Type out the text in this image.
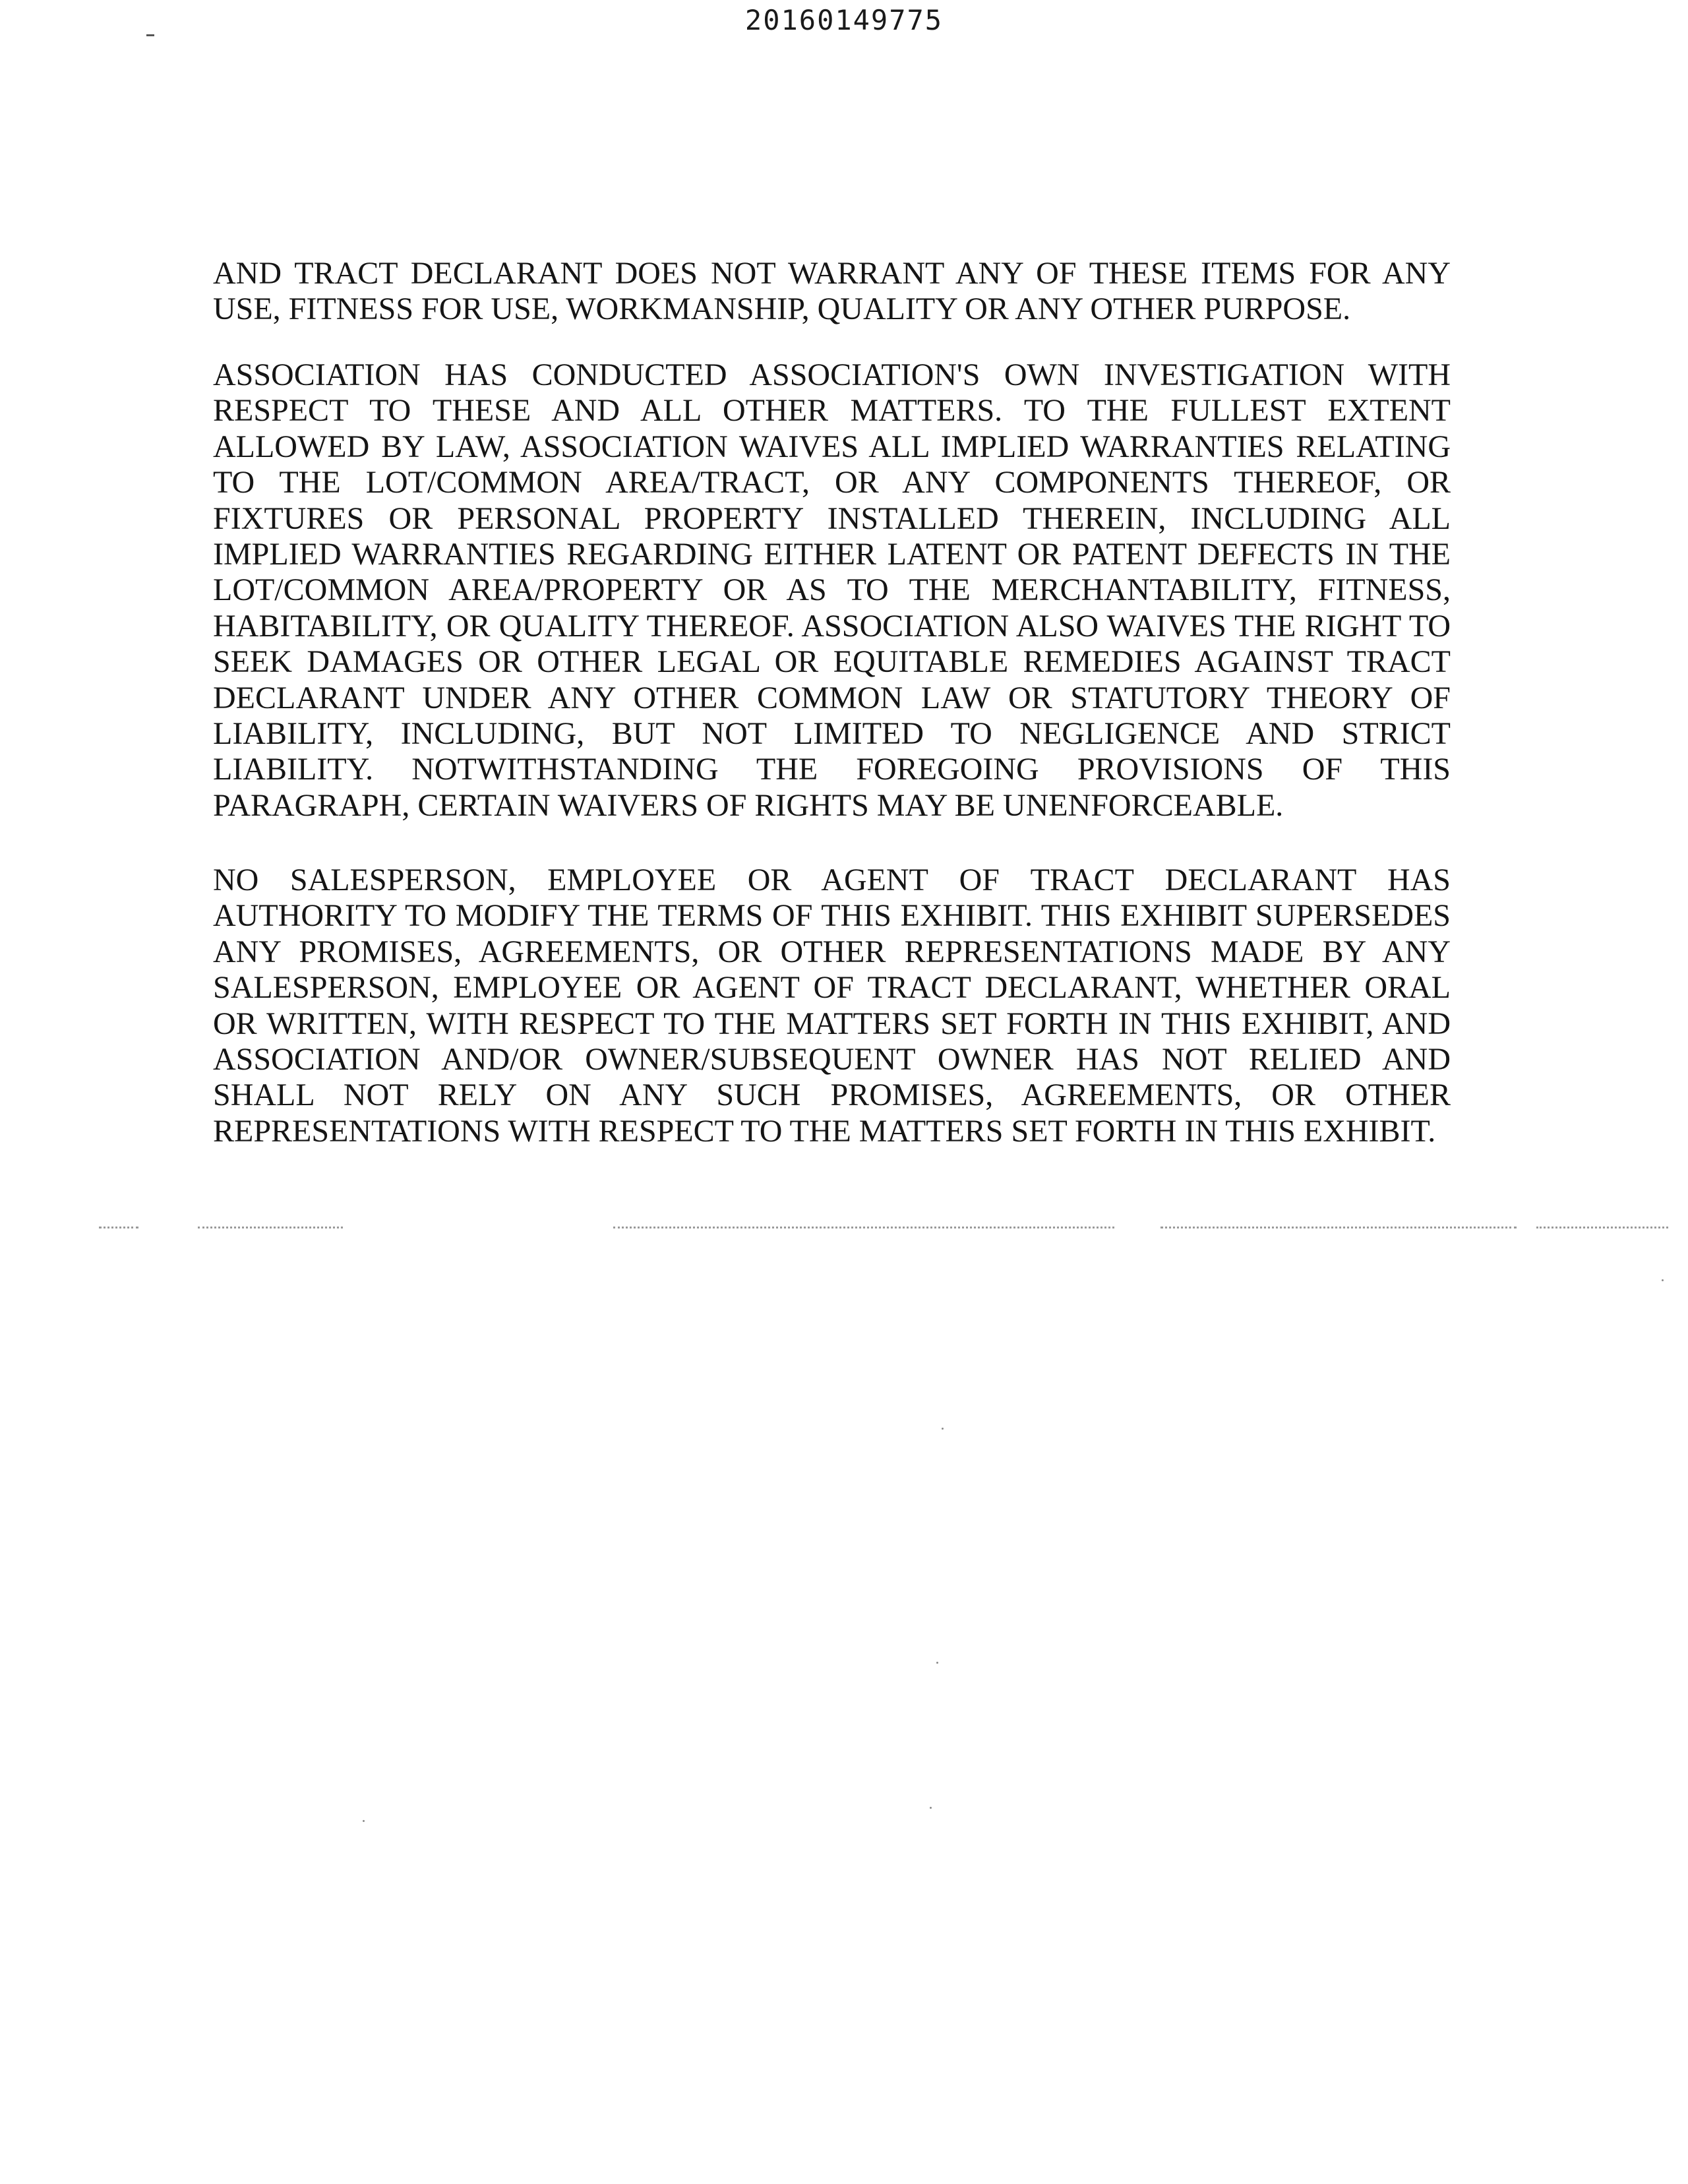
20160149775

AND TRACT DECLARANT DOES NOT WARRANT ANY OF THESE ITEMS FOR ANY USE, FITNESS FOR USE, WORKMANSHIP, QUALITY OR ANY OTHER PURPOSE.

ASSOCIATION HAS CONDUCTED ASSOCIATION'S OWN INVESTIGATION WITH RESPECT TO THESE AND ALL OTHER MATTERS. TO THE FULLEST EXTENT ALLOWED BY LAW, ASSOCIATION WAIVES ALL IMPLIED WARRANTIES RELATING TO THE LOT/COMMON AREA/TRACT, OR ANY COMPONENTS THEREOF, OR FIXTURES OR PERSONAL PROPERTY INSTALLED THEREIN, INCLUDING ALL IMPLIED WARRANTIES REGARDING EITHER LATENT OR PATENT DEFECTS IN THE LOT/COMMON AREA/PROPERTY OR AS TO THE MERCHANTABILITY, FITNESS, HABITABILITY, OR QUALITY THEREOF. ASSOCIATION ALSO WAIVES THE RIGHT TO SEEK DAMAGES OR OTHER LEGAL OR EQUITABLE REMEDIES AGAINST TRACT DECLARANT UNDER ANY OTHER COMMON LAW OR STATUTORY THEORY OF LIABILITY, INCLUDING, BUT NOT LIMITED TO NEGLIGENCE AND STRICT LIABILITY. NOTWITHSTANDING THE FOREGOING PROVISIONS OF THIS PARAGRAPH, CERTAIN WAIVERS OF RIGHTS MAY BE UNENFORCEABLE.

NO SALESPERSON, EMPLOYEE OR AGENT OF TRACT DECLARANT HAS AUTHORITY TO MODIFY THE TERMS OF THIS EXHIBIT. THIS EXHIBIT SUPERSEDES ANY PROMISES, AGREEMENTS, OR OTHER REPRESENTATIONS MADE BY ANY SALESPERSON, EMPLOYEE OR AGENT OF TRACT DECLARANT, WHETHER ORAL OR WRITTEN, WITH RESPECT TO THE MATTERS SET FORTH IN THIS EXHIBIT, AND ASSOCIATION AND/OR OWNER/SUBSEQUENT OWNER HAS NOT RELIED AND SHALL NOT RELY ON ANY SUCH PROMISES, AGREEMENTS, OR OTHER REPRESENTATIONS WITH RESPECT TO THE MATTERS SET FORTH IN THIS EXHIBIT.
